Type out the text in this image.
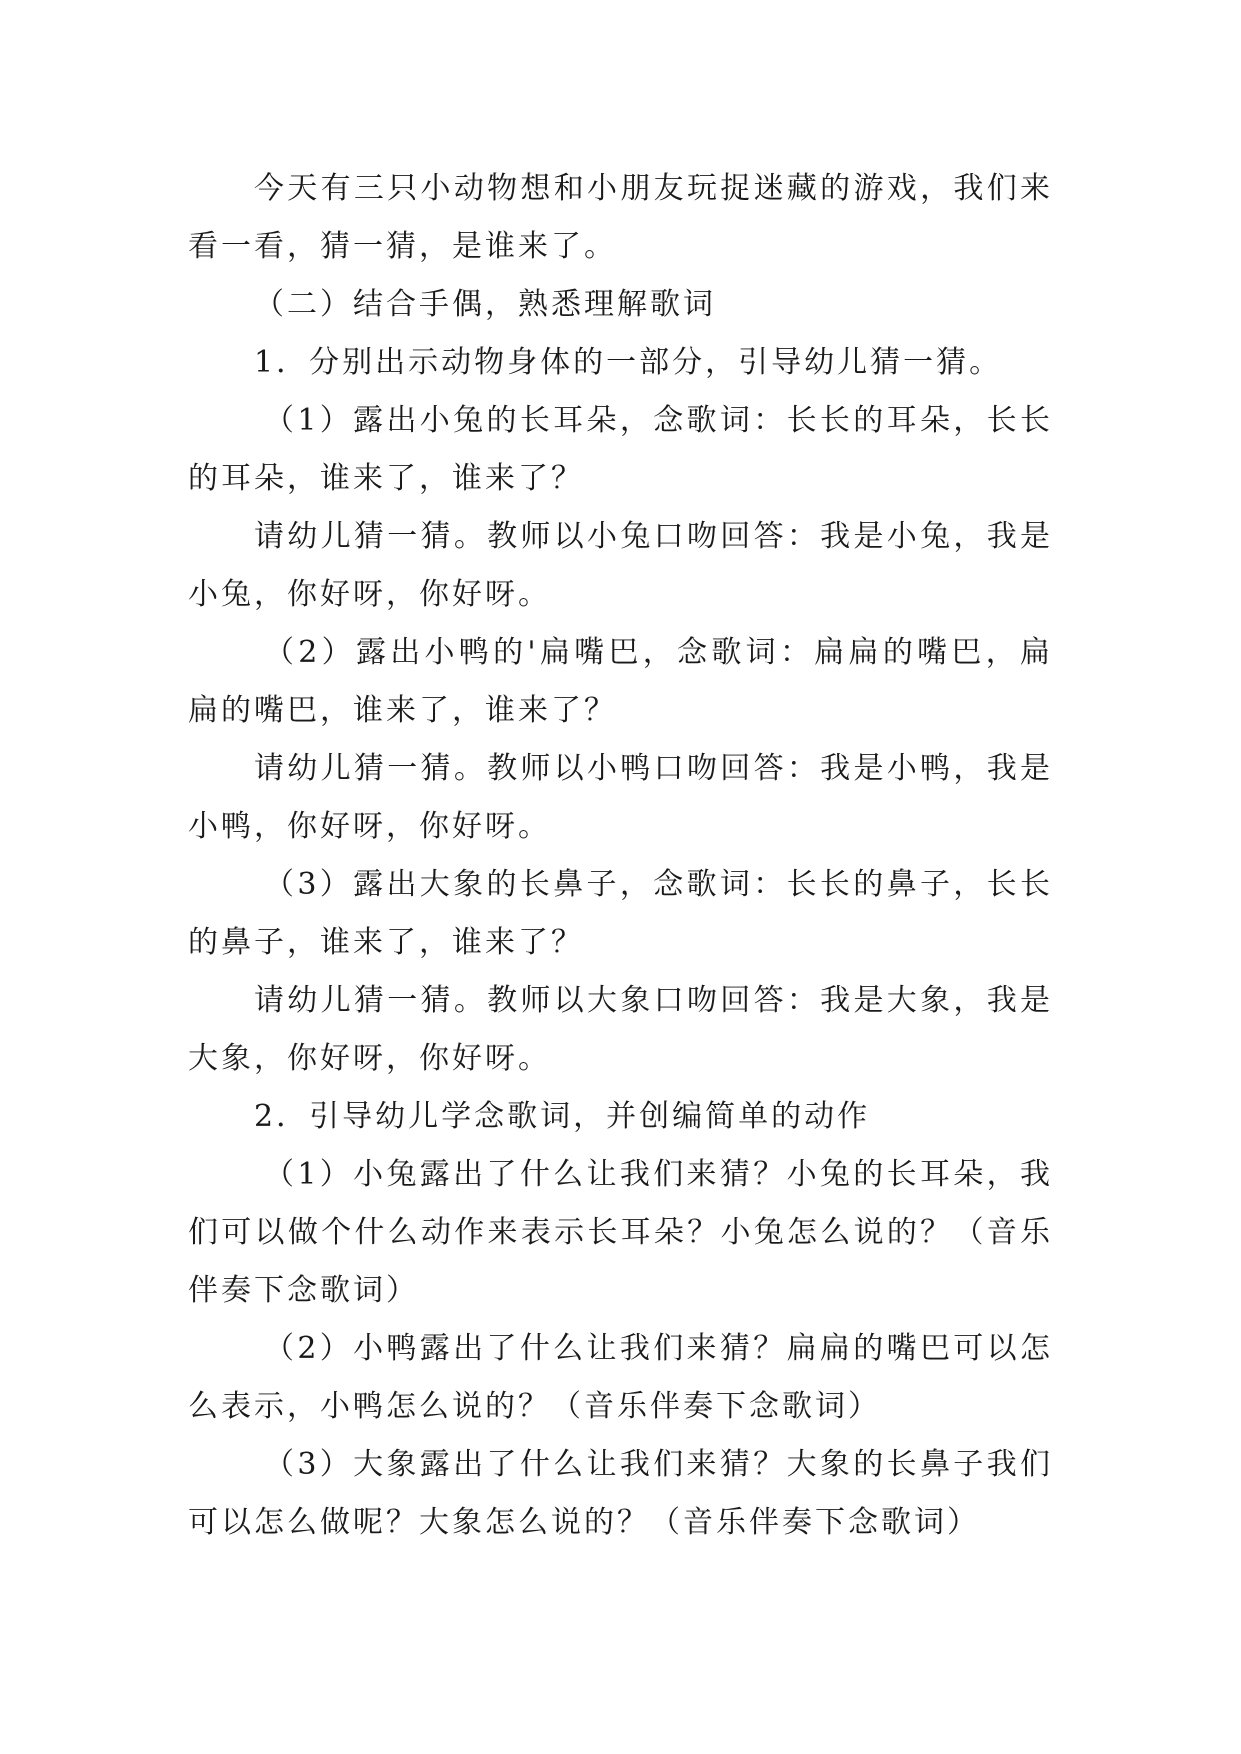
今天有三只小动物想和小朋友玩捉迷藏的游戏，我们来看一看，猜一猜，是谁来了。

（二）结合手偶，熟悉理解歌词

1．分别出示动物身体的一部分，引导幼儿猜一猜。

（1）露出小兔的长耳朵，念歌词：长长的耳朵，长长的耳朵，谁来了，谁来了？

请幼儿猜一猜。教师以小兔口吻回答：我是小兔，我是小兔，你好呀，你好呀。

（2）露出小鸭的'扁嘴巴，念歌词：扁扁的嘴巴，扁扁的嘴巴，谁来了，谁来了？

请幼儿猜一猜。教师以小鸭口吻回答：我是小鸭，我是小鸭，你好呀，你好呀。

（3）露出大象的长鼻子，念歌词：长长的鼻子，长长的鼻子，谁来了，谁来了？

请幼儿猜一猜。教师以大象口吻回答：我是大象，我是大象，你好呀，你好呀。

2．引导幼儿学念歌词，并创编简单的动作

（1）小兔露出了什么让我们来猜？小兔的长耳朵，我们可以做个什么动作来表示长耳朵？小兔怎么说的？（音乐伴奏下念歌词）

（2）小鸭露出了什么让我们来猜？扁扁的嘴巴可以怎么表示，小鸭怎么说的？（音乐伴奏下念歌词）

（3）大象露出了什么让我们来猜？大象的长鼻子我们可以怎么做呢？大象怎么说的？（音乐伴奏下念歌词）
